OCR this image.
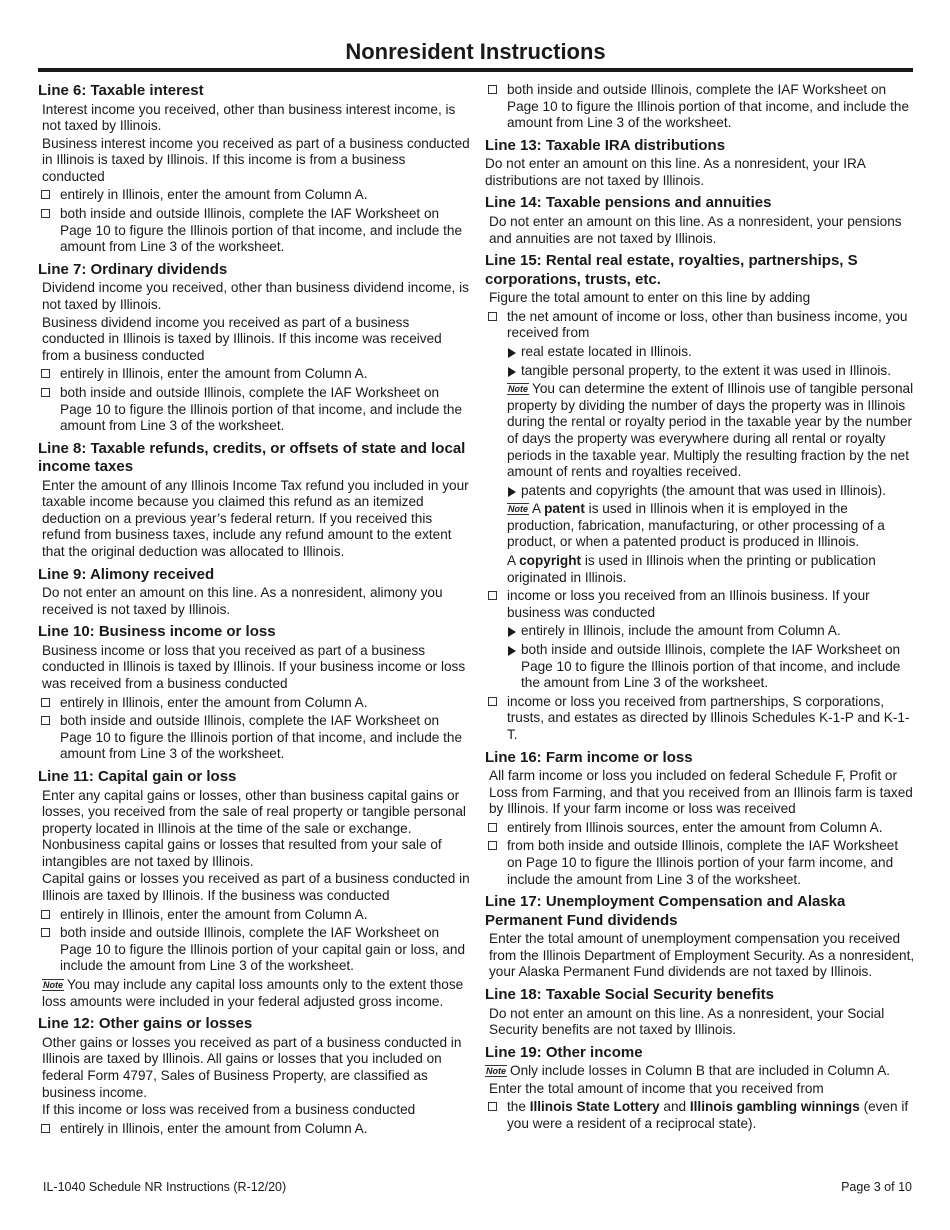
Nonresident Instructions
Line 6: Taxable interest

Interest income you received, other than business interest income, is not taxed by Illinois.

Business interest income you received as part of a business conducted in Illinois is taxed by Illinois. If this income is from a business conducted

entirely in Illinois, enter the amount from Column A.
both inside and outside Illinois, complete the IAF Worksheet on Page 10 to figure the Illinois portion of that income, and include the amount from Line 3 of the worksheet.
Line 7: Ordinary dividends

Dividend income you received, other than business dividend income, is not taxed by Illinois.

Business dividend income you received as part of a business conducted in Illinois is taxed by Illinois. If this income was received from a business conducted

entirely in Illinois, enter the amount from Column A.
both inside and outside Illinois, complete the IAF Worksheet on Page 10 to figure the Illinois portion of that income, and include the amount from Line 3 of the worksheet.
Line 8: Taxable refunds, credits, or offsets of state and local income taxes

Enter the amount of any Illinois Income Tax refund you included in your taxable income because you claimed this refund as an itemized deduction on a previous year’s federal return. If you received this refund from business taxes, include any refund amount to the extent that the original deduction was allocated to Illinois.

Line 9: Alimony received

Do not enter an amount on this line. As a nonresident, alimony you received is not taxed by Illinois.

Line 10: Business income or loss

Business income or loss that you received as part of a business conducted in Illinois is taxed by Illinois. If your business income or loss was received from a business conducted

entirely in Illinois, enter the amount from Column A.
both inside and outside Illinois, complete the IAF Worksheet on Page 10 to figure the Illinois portion of that income, and include the amount from Line 3 of the worksheet.
Line 11: Capital gain or loss

Enter any capital gains or losses, other than business capital gains or losses, you received from the sale of real property or tangible personal property located in Illinois at the time of the sale or exchange. Nonbusiness capital gains or losses that resulted from your sale of intangibles are not taxed by Illinois.

Capital gains or losses you received as part of a business conducted in Illinois are taxed by Illinois. If the business was conducted

entirely in Illinois, enter the amount from Column A.
both inside and outside Illinois, complete the IAF Worksheet on Page 10 to figure the Illinois portion of your capital gain or loss, and include the amount from Line 3 of the worksheet.
Note You may include any capital loss amounts only to the extent those loss amounts were included in your federal adjusted gross income.
Line 12: Other gains or losses

Other gains or losses you received as part of a business conducted in Illinois are taxed by Illinois. All gains or losses that you included on federal Form 4797, Sales of Business Property, are classified as business income.

If this income or loss was received from a business conducted

entirely in Illinois, enter the amount from Column A.
both inside and outside Illinois, complete the IAF Worksheet on Page 10 to figure the Illinois portion of that income, and include the amount from Line 3 of the worksheet.
Line 13: Taxable IRA distributions

Do not enter an amount on this line. As a nonresident, your IRA distributions are not taxed by Illinois.

Line 14: Taxable pensions and annuities

Do not enter an amount on this line. As a nonresident, your pensions and annuities are not taxed by Illinois.

Line 15: Rental real estate, royalties, partnerships, S corporations, trusts, etc.

Figure the total amount to enter on this line by adding

the net amount of income or loss, other than business income, you received from
real estate located in Illinois.
tangible personal property, to the extent it was used in Illinois.
Note You can determine the extent of Illinois use of tangible personal property by dividing the number of days the property was in Illinois during the rental or royalty period in the taxable year by the number of days the property was everywhere during all rental or royalty periods in the taxable year. Multiply the resulting fraction by the net amount of rents and royalties received.
patents and copyrights (the amount that was used in Illinois).
Note A patent is used in Illinois when it is employed in the production, fabrication, manufacturing, or other processing of a product, or when a patented product is produced in Illinois.
A copyright is used in Illinois when the printing or publication originated in Illinois.
income or loss you received from an Illinois business. If your business was conducted
entirely in Illinois, include the amount from Column A.
both inside and outside Illinois, complete the IAF Worksheet on Page 10 to figure the Illinois portion of that income, and include the amount from Line 3 of the worksheet.
income or loss you received from partnerships, S corporations, trusts, and estates as directed by Illinois Schedules K-1-P and K-1-T.
Line 16: Farm income or loss

All farm income or loss you included on federal Schedule F, Profit or Loss from Farming, and that you received from an Illinois farm is taxed by Illinois. If your farm income or loss was received

entirely from Illinois sources, enter the amount from Column A.
from both inside and outside Illinois, complete the IAF Worksheet on Page 10 to figure the Illinois portion of your farm income, and include the amount from Line 3 of the worksheet.
Line 17: Unemployment Compensation and Alaska Permanent Fund dividends

Enter the total amount of unemployment compensation you received from the Illinois Department of Employment Security. As a nonresident, your Alaska Permanent Fund dividends are not taxed by Illinois.

Line 18: Taxable Social Security benefits

Do not enter an amount on this line. As a nonresident, your Social Security benefits are not taxed by Illinois.

Line 19: Other income
Note Only include losses in Column B that are included in Column A.

Enter the total amount of income that you received from

the Illinois State Lottery and Illinois gambling winnings (even if you were a resident of a reciprocal state).
IL-1040 Schedule NR Instructions (R-12/20)	Page 3 of 10
